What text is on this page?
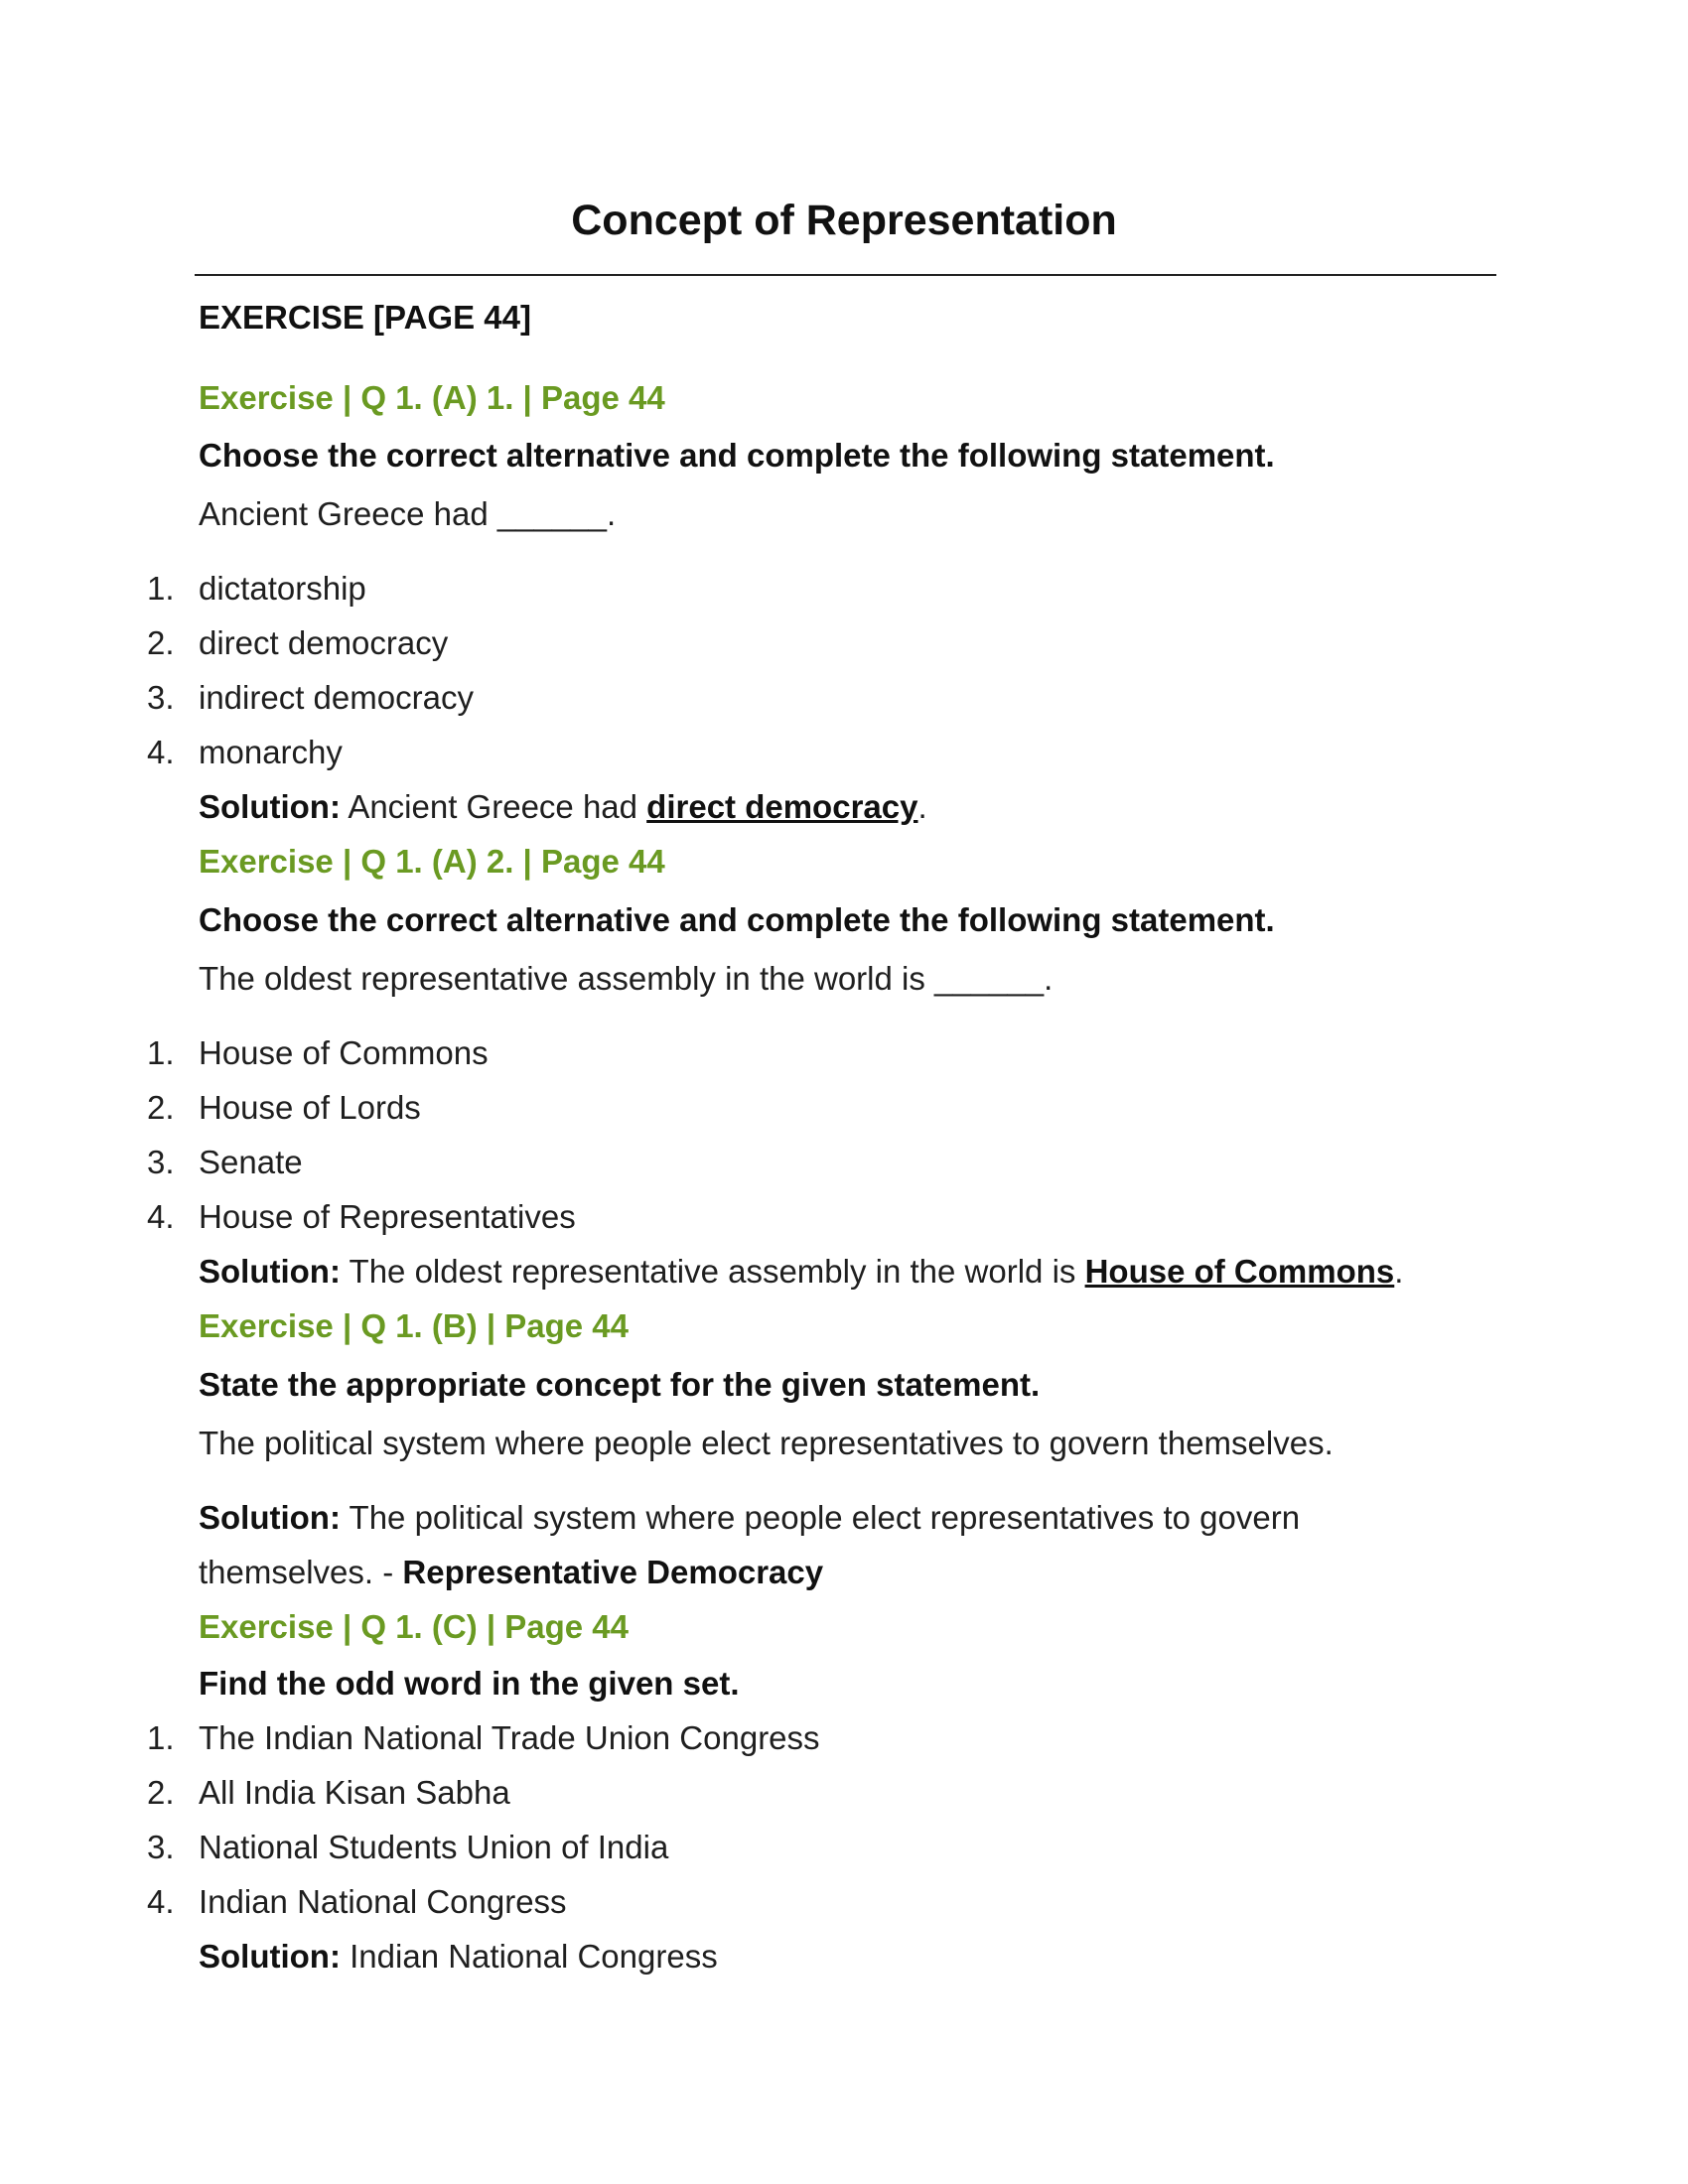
Concept of Representation
EXERCISE [PAGE 44]
Exercise | Q 1. (A) 1. | Page 44
Choose the correct alternative and complete the following statement.
Ancient Greece had ______.
1. dictatorship
2. direct democracy
3. indirect democracy
4. monarchy
Solution: Ancient Greece had direct democracy.
Exercise | Q 1. (A) 2. | Page 44
Choose the correct alternative and complete the following statement.
The oldest representative assembly in the world is ______.
1. House of Commons
2. House of Lords
3. Senate
4. House of Representatives
Solution: The oldest representative assembly in the world is House of Commons.
Exercise | Q 1. (B) | Page 44
State the appropriate concept for the given statement.
The political system where people elect representatives to govern themselves.
Solution: The political system where people elect representatives to govern
themselves. - Representative Democracy
Exercise | Q 1. (C) | Page 44
Find the odd word in the given set.
1. The Indian National Trade Union Congress
2. All India Kisan Sabha
3. National Students Union of India
4. Indian National Congress
Solution: Indian National Congress
